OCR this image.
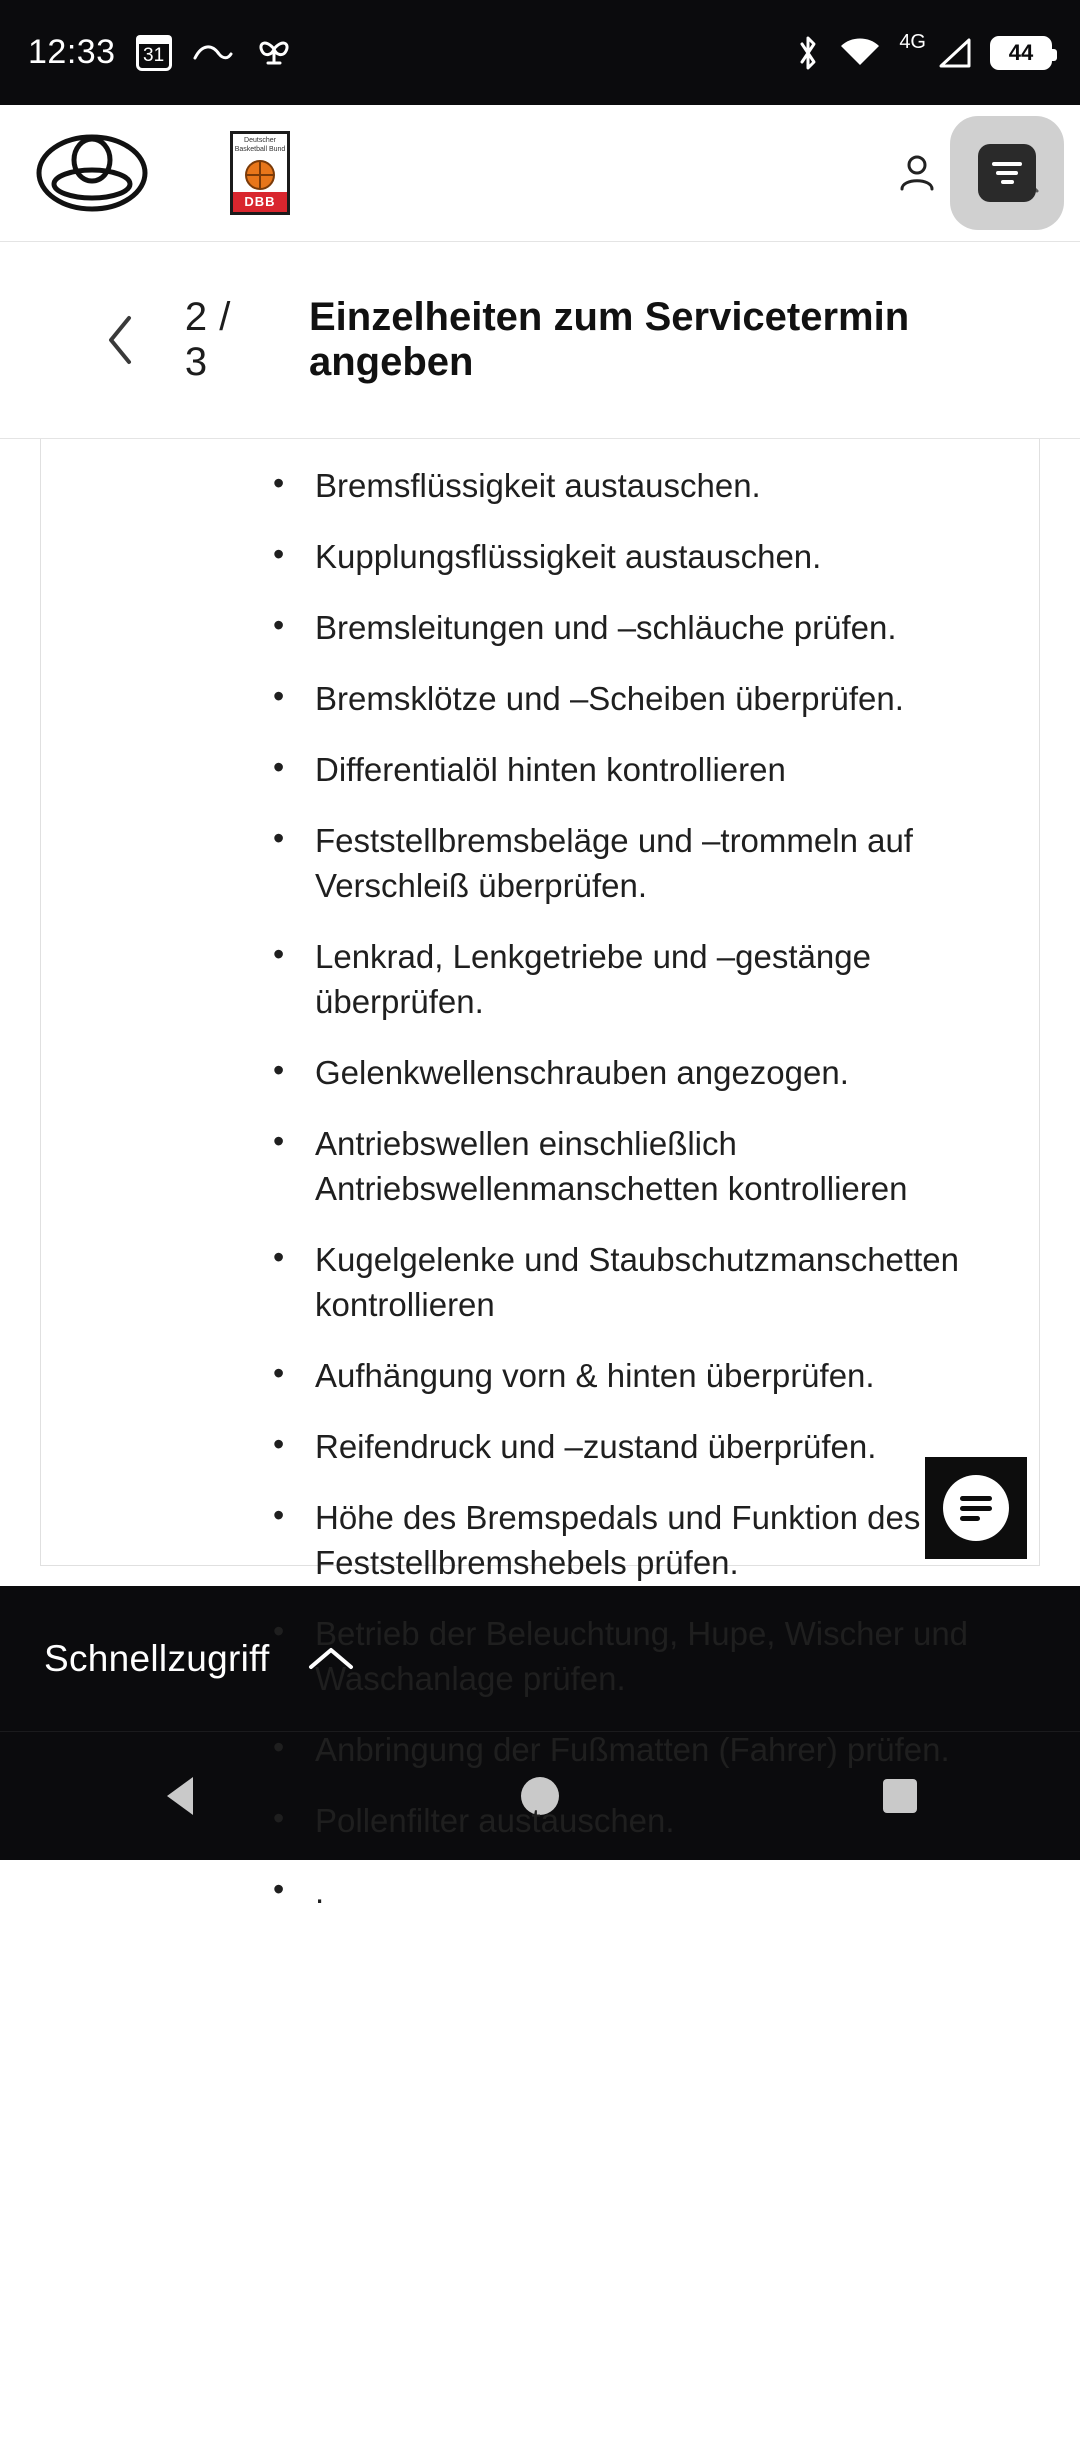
12:33 31
4G	44
Deutscher Basketball Bund
DBB
2 / 3
Einzelheiten zum Servicetermin angeben
• Bremsflüssigkeit austauschen.
• Kupplungsflüssigkeit austauschen.
• Bremsleitungen und –schläuche prüfen.
• Bremsklötze und –Scheiben überprüfen.
• Differentialöl hinten kontrollieren
• Feststellbremsbeläge und –trommeln auf Verschleiß überprüfen.
• Lenkrad, Lenkgetriebe und –gestänge überprüfen.
• Gelenkwellenschrauben angezogen.
• Antriebswellen einschließlich Antriebswellenmanschetten kontrollieren
• Kugelgelenke und Staubschutzmanschetten kontrollieren
• Aufhängung vorn & hinten überprüfen.
• Reifendruck und –zustand überprüfen.
• Höhe des Bremspedals und Funktion des Feststellbremshebels prüfen.
• Betrieb der Beleuchtung, Hupe, Wischer und Waschanlage prüfen.
• Anbringung der Fußmatten (Fahrer) prüfen.
• Pollenfilter austauschen.
• .
Schnellzugriff
